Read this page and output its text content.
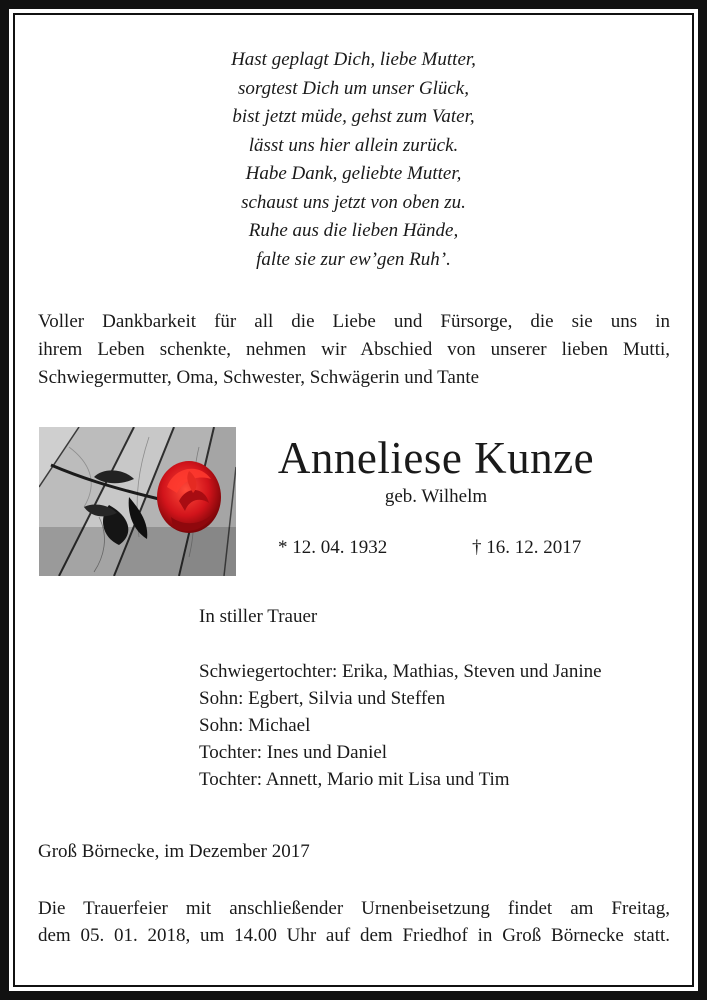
Hast geplagt Dich, liebe Mutter,
sorgtest Dich um unser Glück,
bist jetzt müde, gehst zum Vater,
lässt uns hier allein zurück.
Habe Dank, geliebte Mutter,
schaust uns jetzt von oben zu.
Ruhe aus die lieben Hände,
falte sie zur ew’gen Ruh’.
Voller Dankbarkeit für all die Liebe und Fürsorge, die sie uns in
ihrem Leben schenkte, nehmen wir Abschied von unserer lieben Mutti,
Schwiegermutter, Oma, Schwester, Schwägerin und Tante
Anneliese Kunze
geb. Wilhelm
* 12. 04. 1932	† 16. 12. 2017
In stiller Trauer
Schwiegertochter: Erika, Mathias, Steven und Janine
Sohn: Egbert, Silvia und Steffen
Sohn: Michael
Tochter: Ines und Daniel
Tochter: Annett, Mario mit Lisa und Tim
Groß Börnecke, im Dezember 2017
Die Trauerfeier mit anschließender Urnenbeisetzung findet am Freitag,
dem 05. 01. 2018, um 14.00 Uhr auf dem Friedhof in Groß Börnecke statt.
